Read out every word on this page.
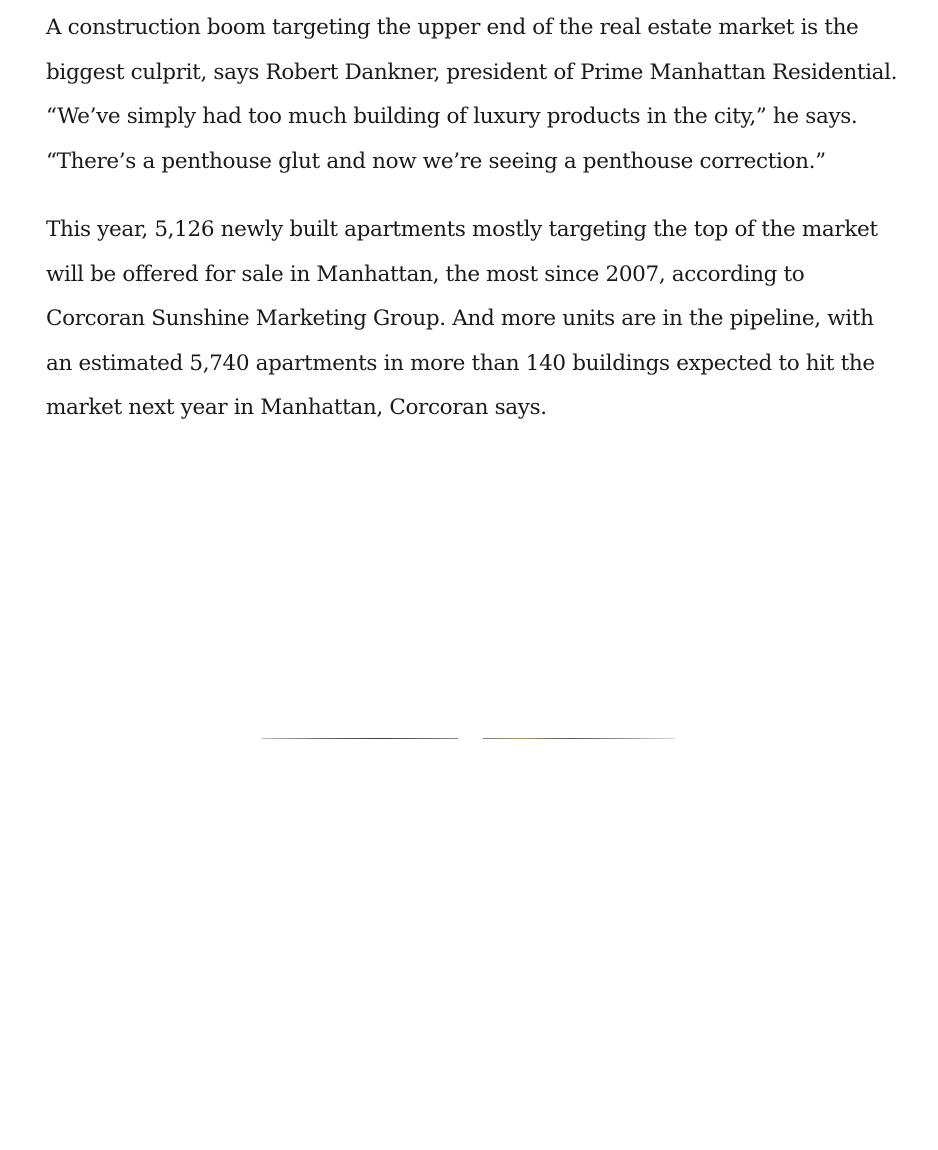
A construction boom targeting the upper end of the real estate market is the biggest culprit, says Robert Dankner, president of Prime Manhattan Residential. “We’ve simply had too much building of luxury products in the city,” he says. “There’s a penthouse glut and now we’re seeing a penthouse correction.”

This year, 5,126 newly built apartments mostly targeting the top of the market will be offered for sale in Manhattan, the most since 2007, according to Corcoran Sunshine Marketing Group. And more units are in the pipeline, with an estimated 5,740 apartments in more than 140 buildings expected to hit the market next year in Manhattan, Corcoran says.
